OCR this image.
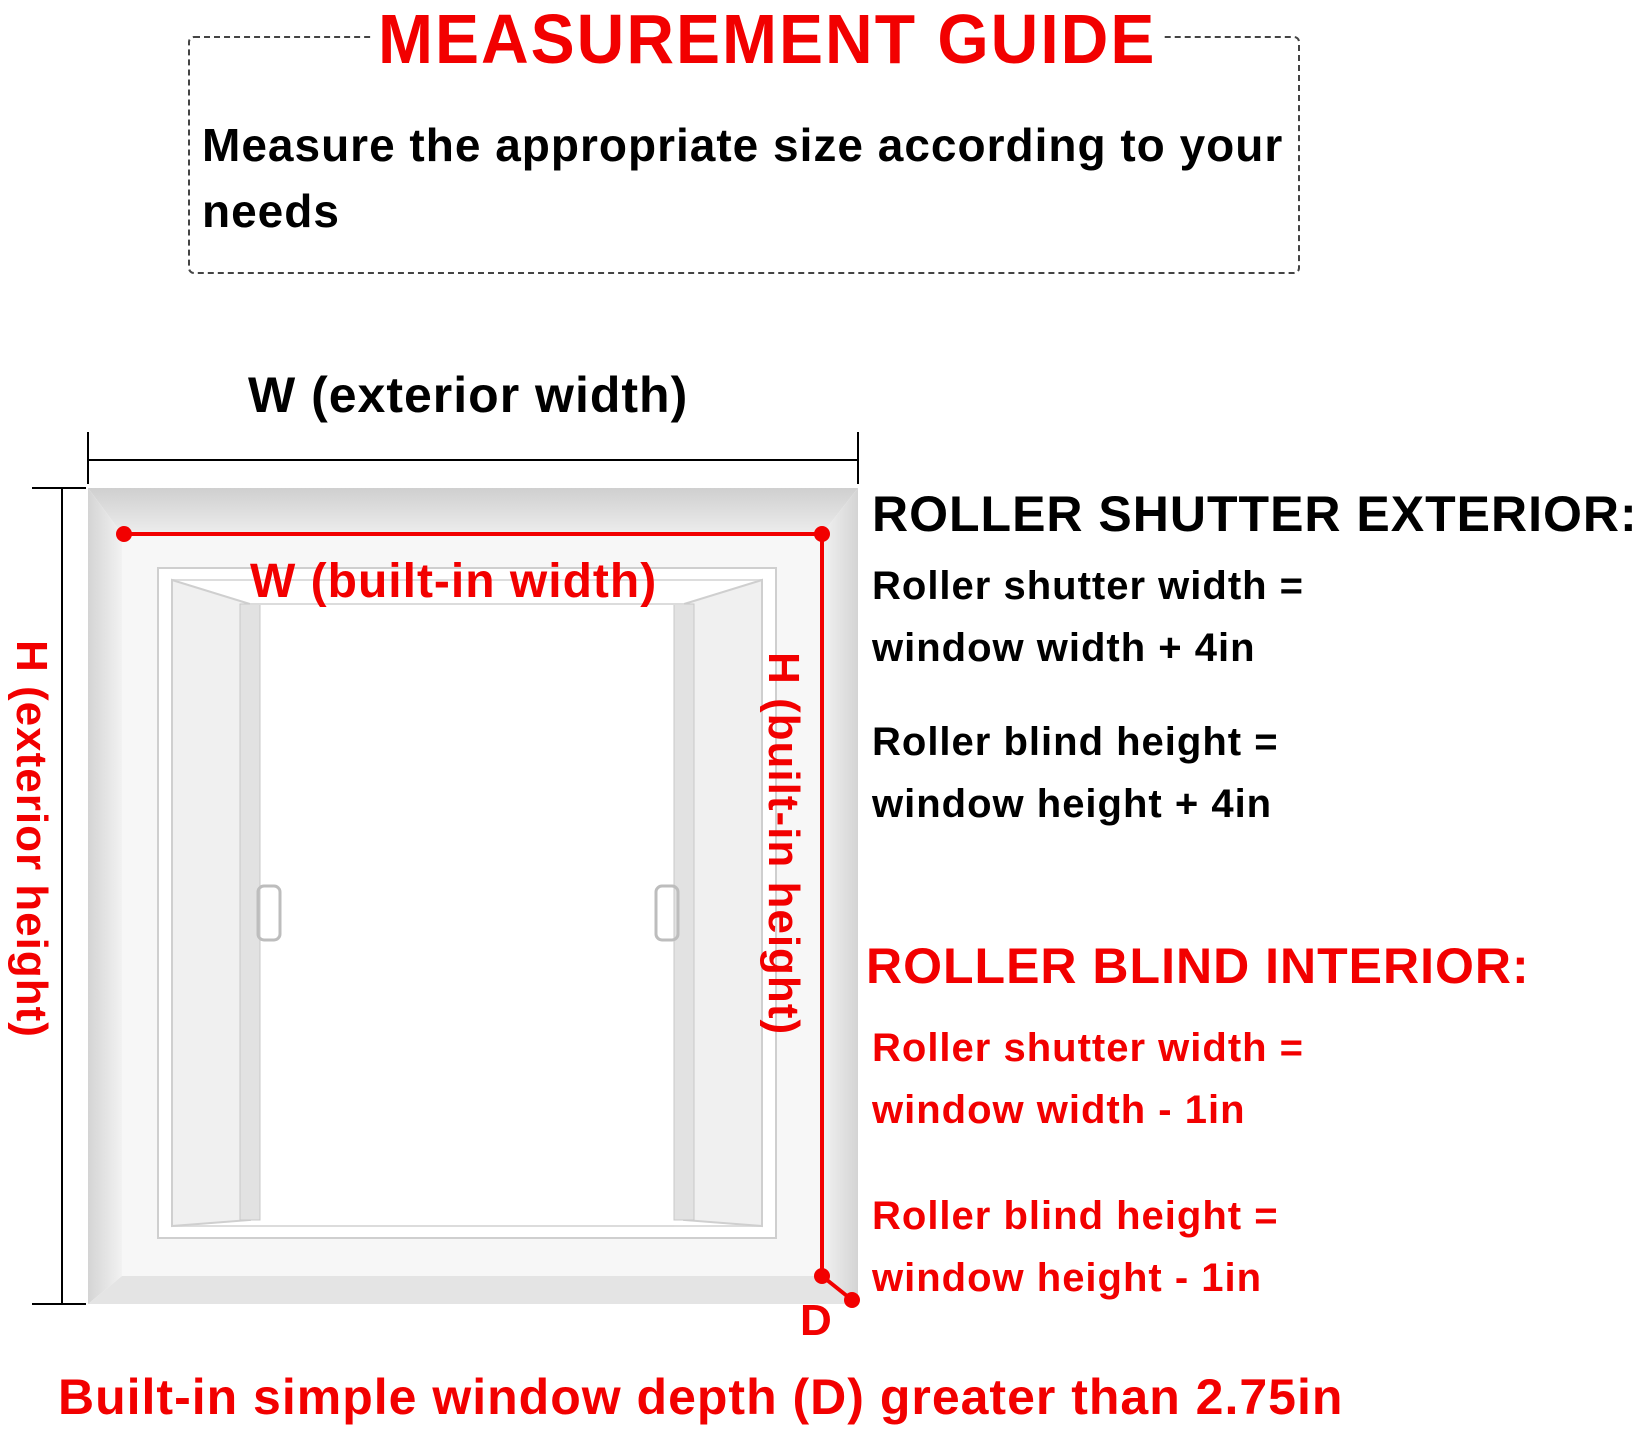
MEASUREMENT GUIDE
Measure the appropriate size according to your needs
W (exterior width)
W (built-in width)
H (exterior height)	H (built-in height)
D
ROLLER SHUTTER EXTERIOR:
Roller shutter width =
window width + 4in
Roller blind height =
window height + 4in
ROLLER BLIND INTERIOR:
Roller shutter width =
window width - 1in
Roller blind height =
window height - 1in
Built-in simple window depth (D) greater than 2.75in
